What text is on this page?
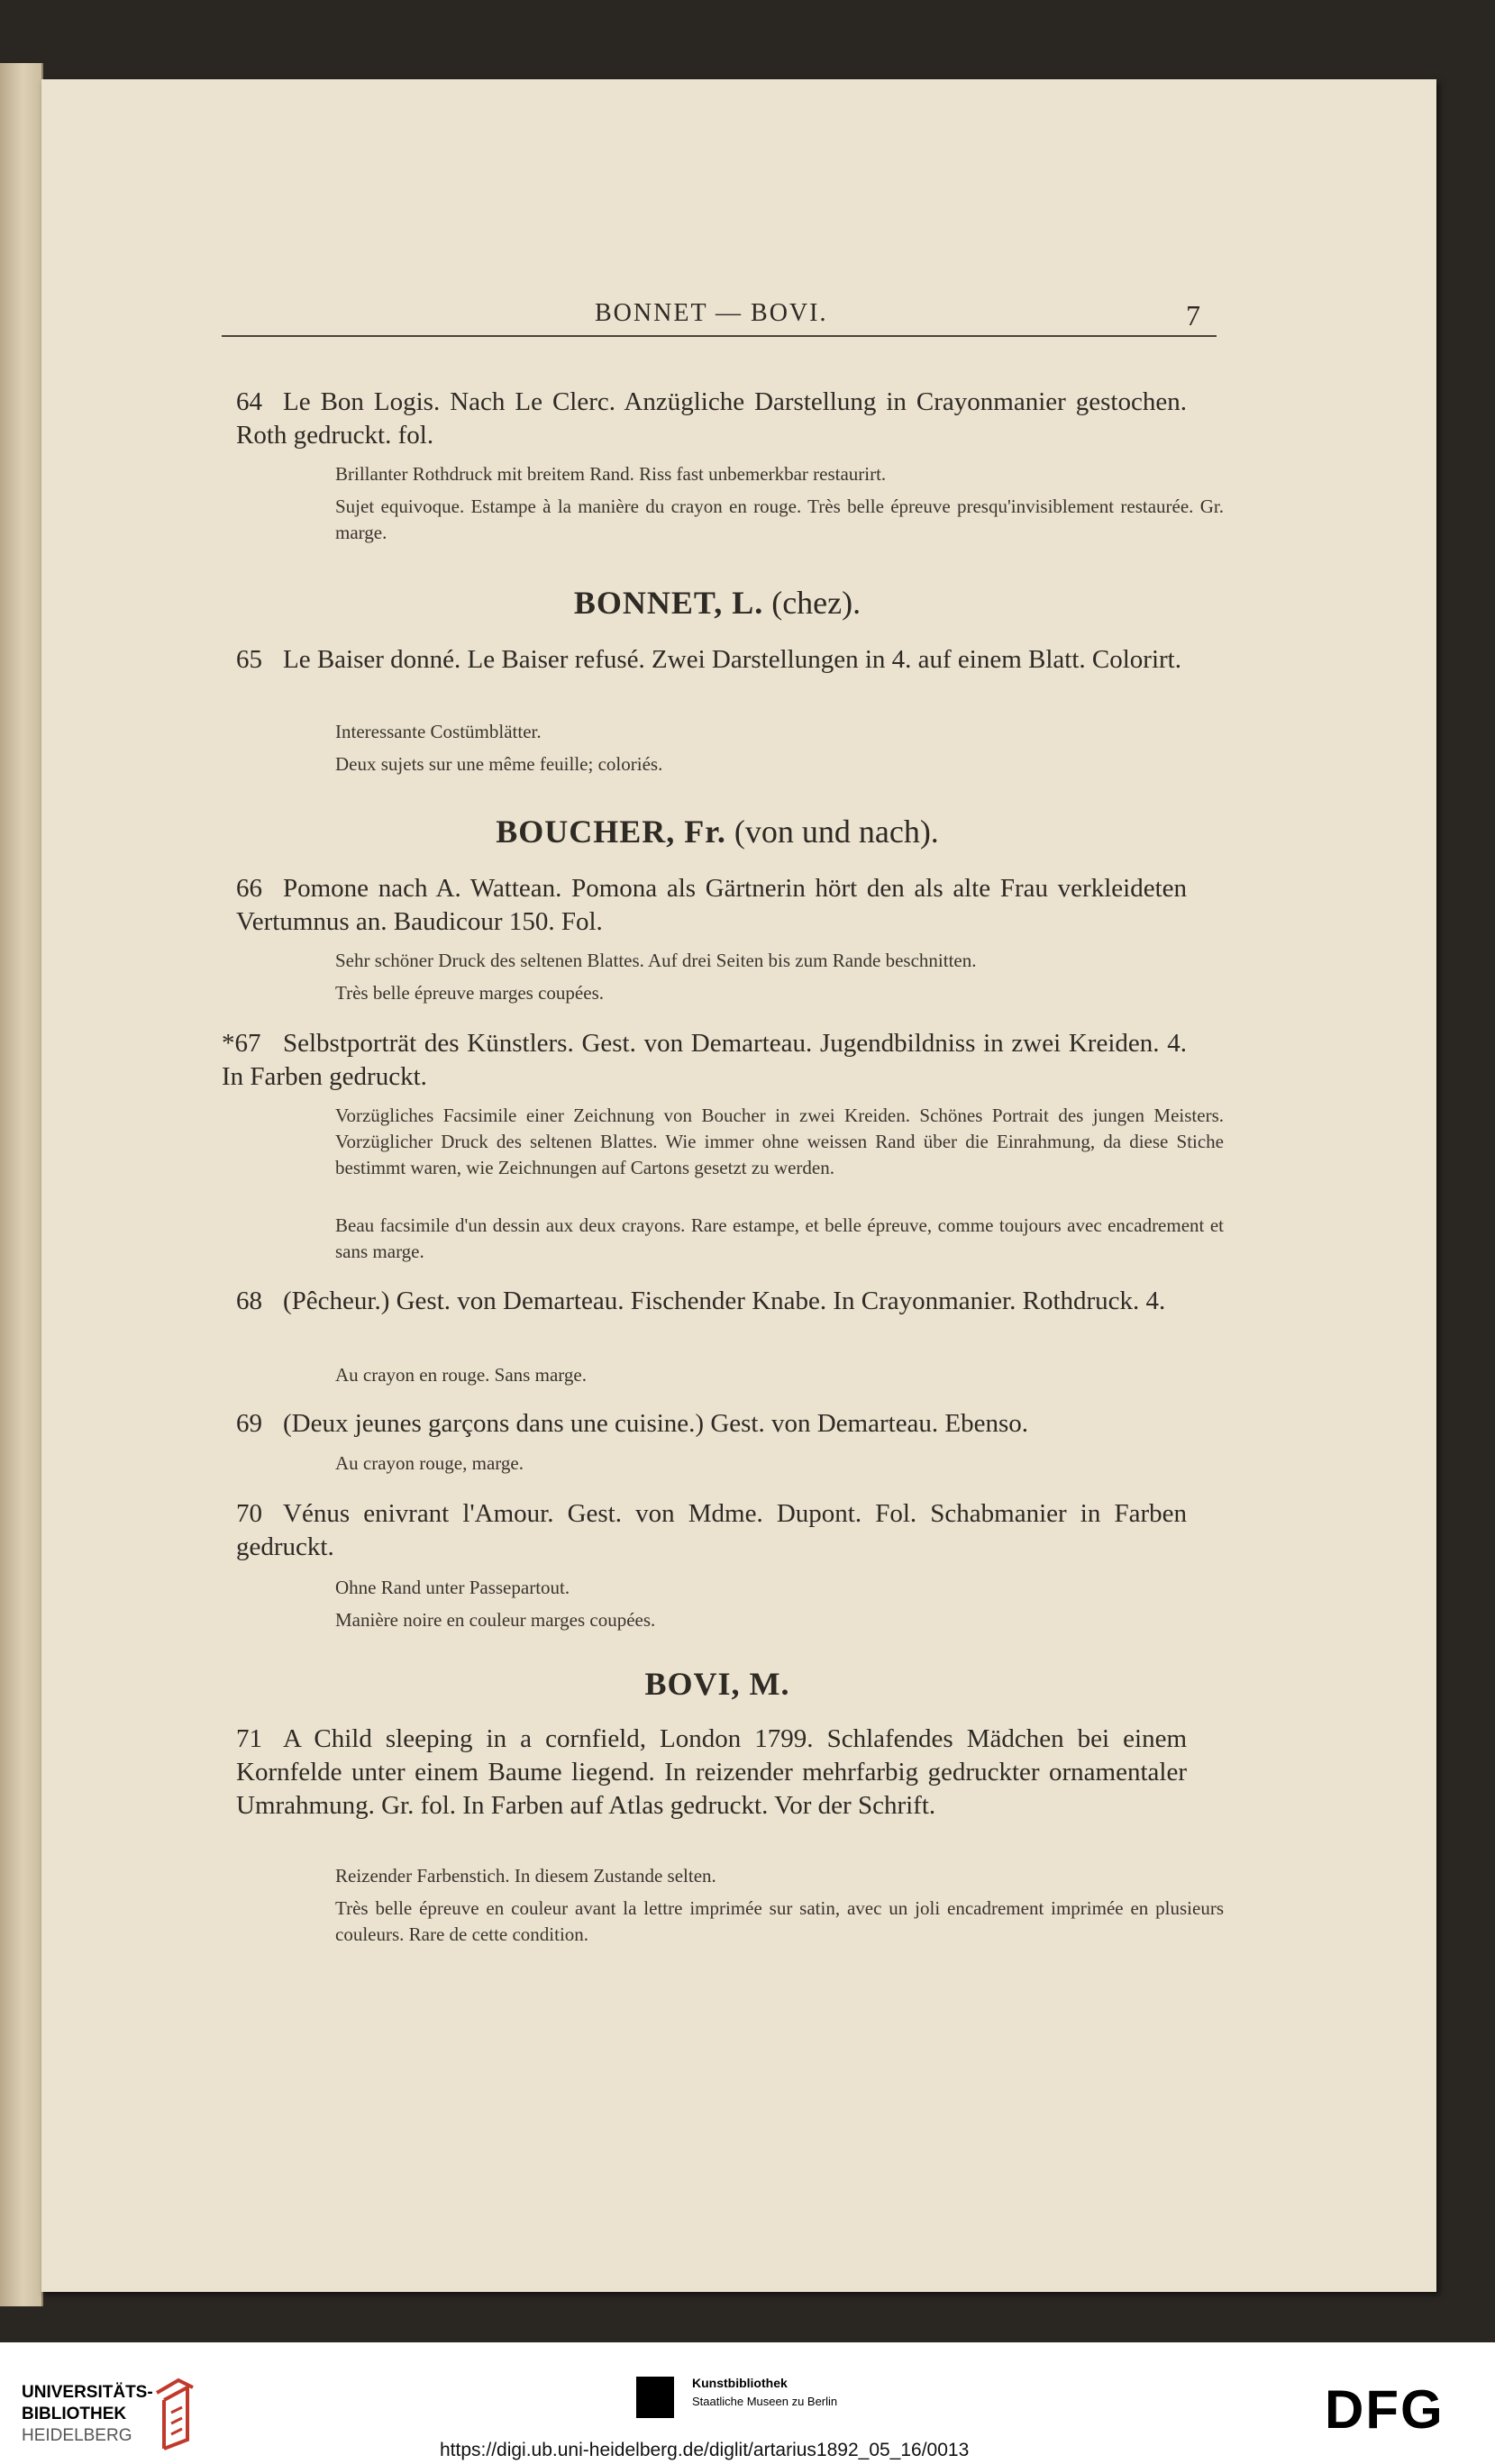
BONNET — BOVI.	7
64 Le Bon Logis. Nach Le Clerc. Anzügliche Darstellung in Crayonmanier gestochen. Roth gedruckt. fol.
Brillanter Rothdruck mit breitem Rand. Riss fast unbemerkbar restaurirt.
Sujet equivoque. Estampe à la manière du crayon en rouge. Très belle épreuve presqu'invisiblement restaurée. Gr. marge.
BONNET, L. (chez).
65 Le Baiser donné. Le Baiser refusé. Zwei Darstellungen in 4. auf einem Blatt. Colorirt.
Interessante Costümblätter.
Deux sujets sur une même feuille; coloriés.
BOUCHER, Fr. (von und nach).
66 Pomone nach A. Wattean. Pomona als Gärtnerin hört den als alte Frau verkleideten Vertumnus an. Baudicour 150. Fol.
Sehr schöner Druck des seltenen Blattes. Auf drei Seiten bis zum Rande beschnitten.
Très belle épreuve marges coupées.
*67 Selbstporträt des Künstlers. Gest. von Demarteau. Jugendbildniss in zwei Kreiden. 4. In Farben gedruckt.
Vorzügliches Facsimile einer Zeichnung von Boucher in zwei Kreiden. Schönes Portrait des jungen Meisters. Vorzüglicher Druck des seltenen Blattes. Wie immer ohne weissen Rand über die Einrahmung, da diese Stiche bestimmt waren, wie Zeichnungen auf Cartons gesetzt zu werden.
Beau facsimile d'un dessin aux deux crayons. Rare estampe, et belle épreuve, comme toujours avec encadrement et sans marge.
68 (Pêcheur.) Gest. von Demarteau. Fischender Knabe. In Crayonmanier. Rothdruck. 4.
Au crayon en rouge. Sans marge.
69 (Deux jeunes garçons dans une cuisine.) Gest. von Demarteau. Ebenso.
Au crayon rouge, marge.
70 Vénus enivrant l'Amour. Gest. von Mdme. Dupont. Fol. Schabmanier in Farben gedruckt.
Ohne Rand unter Passepartout.
Manière noire en couleur marges coupées.
BOVI, M.
71 A Child sleeping in a cornfield, London 1799. Schlafendes Mädchen bei einem Kornfelde unter einem Baume liegend. In reizender mehrfarbig gedruckter ornamentaler Umrahmung. Gr. fol. In Farben auf Atlas gedruckt. Vor der Schrift.
Reizender Farbenstich. In diesem Zustande selten.
Très belle épreuve en couleur avant la lettre imprimée sur satin, avec un joli encadrement imprimée en plusieurs couleurs. Rare de cette condition.
UNIVERSITÄTS-
BIBLIOTHEK
HEIDELBERG
Kunstbibliothek
Staatliche Museen zu Berlin	DFG
https://digi.ub.uni-heidelberg.de/diglit/artarius1892_05_16/0013
